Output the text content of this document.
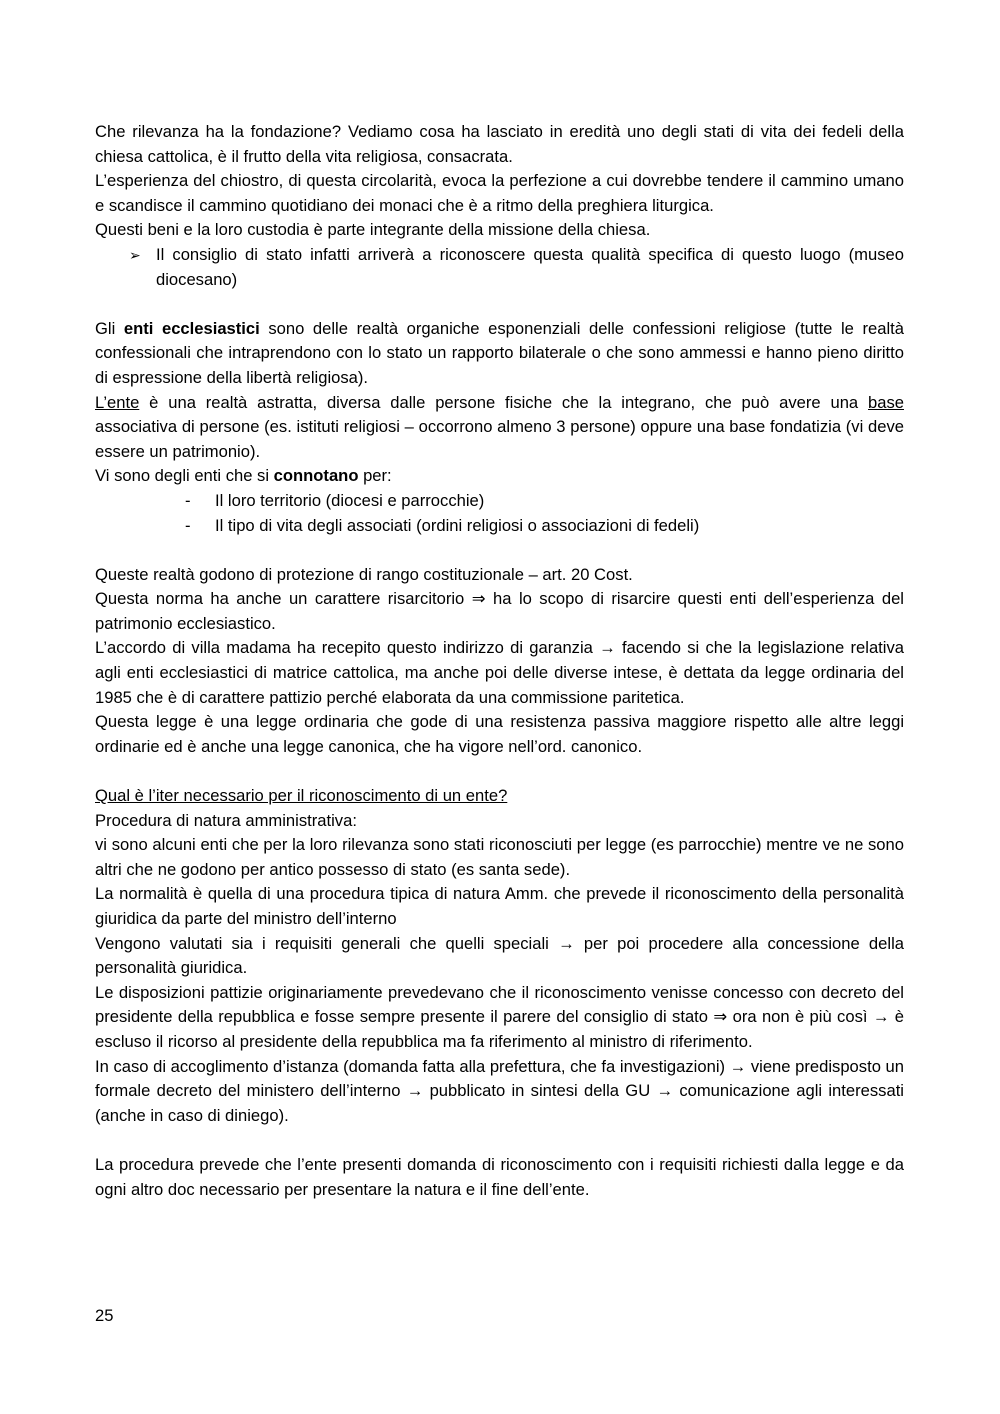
Che rilevanza ha la fondazione? Vediamo cosa ha lasciato in eredità uno degli stati di vita dei fedeli della chiesa cattolica, è il frutto della vita religiosa, consacrata.

L’esperienza del chiostro, di questa circolarità, evoca la perfezione a cui dovrebbe tendere il cammino umano e scandisce il cammino quotidiano dei monaci che è a ritmo della preghiera liturgica.

Questi beni e la loro custodia è parte integrante della missione della chiesa.

➢ Il consiglio di stato infatti arriverà a riconoscere questa qualità specifica di questo luogo (museo diocesano)

Gli enti ecclesiastici sono delle realtà organiche esponenziali delle confessioni religiose (tutte le realtà confessionali che intraprendono con lo stato un rapporto bilaterale o che sono ammessi e hanno pieno diritto di espressione della libertà religiosa).

L’ente è una realtà astratta, diversa dalle persone fisiche che la integrano, che può avere una base associativa di persone (es. istituti religiosi – occorrono almeno 3 persone) oppure una base fondatizia (vi deve essere un patrimonio).

Vi sono degli enti che si connotano per:

-	Il loro territorio (diocesi e parrocchie)
-	Il tipo di vita degli associati (ordini religiosi o associazioni di fedeli)

Queste realtà godono di protezione di rango costituzionale – art. 20 Cost.

Questa norma ha anche un carattere risarcitorio ⇒ ha lo scopo di risarcire questi enti dell’esperienza del patrimonio ecclesiastico.

L’accordo di villa madama ha recepito questo indirizzo di garanzia → facendo si che la legislazione relativa agli enti ecclesiastici di matrice cattolica, ma anche poi delle diverse intese, è dettata da legge ordinaria del 1985 che è di carattere pattizio perché elaborata da una commissione paritetica.

Questa legge è una legge ordinaria che gode di una resistenza passiva maggiore rispetto alle altre leggi ordinarie ed è anche una legge canonica, che ha vigore nell’ord. canonico.

Qual è l’iter necessario per il riconoscimento di un ente?

Procedura di natura amministrativa:

vi sono alcuni enti che per la loro rilevanza sono stati riconosciuti per legge (es parrocchie) mentre ve ne sono altri che ne godono per antico possesso di stato (es santa sede).

La normalità è quella di una procedura tipica di natura Amm. che prevede il riconoscimento della personalità giuridica da parte del ministro dell’interno

Vengono valutati sia i requisiti generali che quelli speciali → per poi procedere alla concessione della personalità giuridica.

Le disposizioni pattizie originariamente prevedevano che il riconoscimento venisse concesso con decreto del presidente della repubblica e fosse sempre presente il parere del consiglio di stato ⇒ ora non è più così → è escluso il ricorso al presidente della repubblica ma fa riferimento al ministro di riferimento.

In caso di accoglimento d’istanza (domanda fatta alla prefettura, che fa investigazioni) → viene predisposto un formale decreto del ministero dell’interno → pubblicato in sintesi della GU → comunicazione agli interessati (anche in caso di diniego).

La procedura prevede che l’ente presenti domanda di riconoscimento con i requisiti richiesti dalla legge e da ogni altro doc necessario per presentare la natura e il fine dell’ente.

25
